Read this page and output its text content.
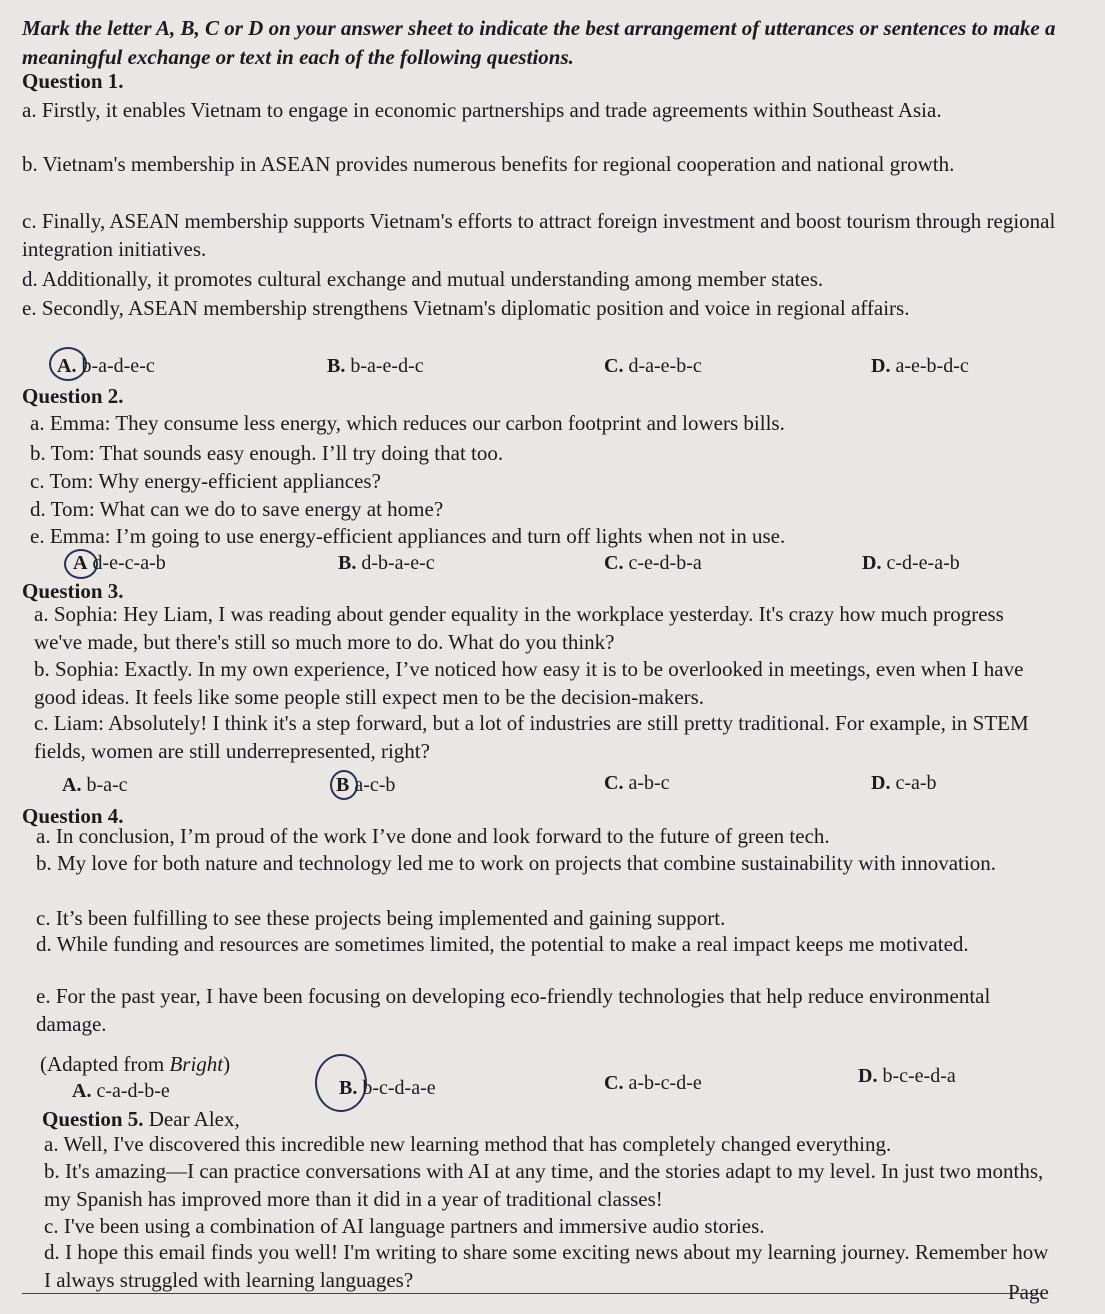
Mark the letter A, B, C or D on your answer sheet to indicate the best arrangement of utterances or sentences to make a meaningful exchange or text in each of the following questions.
Question 1.
a. Firstly, it enables Vietnam to engage in economic partnerships and trade agreements within Southeast Asia.
b. Vietnam's membership in ASEAN provides numerous benefits for regional cooperation and national growth.
c. Finally, ASEAN membership supports Vietnam's efforts to attract foreign investment and boost tourism through regional integration initiatives.
d. Additionally, it promotes cultural exchange and mutual understanding among member states.
e. Secondly, ASEAN membership strengthens Vietnam's diplomatic position and voice in regional affairs.
A. b-a-d-e-c	B. b-a-e-d-c	C. d-a-e-b-c	D. a-e-b-d-c
Question 2.
a. Emma: They consume less energy, which reduces our carbon footprint and lowers bills.
b. Tom: That sounds easy enough. I’ll try doing that too.
c. Tom: Why energy-efficient appliances?
d. Tom: What can we do to save energy at home?
e. Emma: I’m going to use energy-efficient appliances and turn off lights when not in use.
A d-e-c-a-b	B. d-b-a-e-c	C. c-e-d-b-a	D. c-d-e-a-b
Question 3.
a. Sophia: Hey Liam, I was reading about gender equality in the workplace yesterday. It's crazy how much progress we've made, but there's still so much more to do. What do you think?
b. Sophia: Exactly. In my own experience, I’ve noticed how easy it is to be overlooked in meetings, even when I have good ideas. It feels like some people still expect men to be the decision-makers.
c. Liam: Absolutely! I think it's a step forward, but a lot of industries are still pretty traditional. For example, in STEM fields, women are still underrepresented, right?
A. b-a-c	B a-c-b	C. a-b-c	D. c-a-b
Question 4.
a. In conclusion, I’m proud of the work I’ve done and look forward to the future of green tech.
b. My love for both nature and technology led me to work on projects that combine sustainability with innovation.
c. It’s been fulfilling to see these projects being implemented and gaining support.
d. While funding and resources are sometimes limited, the potential to make a real impact keeps me motivated.
e. For the past year, I have been focusing on developing eco-friendly technologies that help reduce environmental damage.
(Adapted from Bright)
A. c-a-d-b-e	B. b-c-d-a-e	C. a-b-c-d-e	D. b-c-e-d-a
Question 5. Dear Alex,
a. Well, I've discovered this incredible new learning method that has completely changed everything.
b. It's amazing—I can practice conversations with AI at any time, and the stories adapt to my level. In just two months, my Spanish has improved more than it did in a year of traditional classes!
c. I've been using a combination of AI language partners and immersive audio stories.
d. I hope this email finds you well! I'm writing to share some exciting news about my learning journey. Remember how I always struggled with learning languages?	Page
